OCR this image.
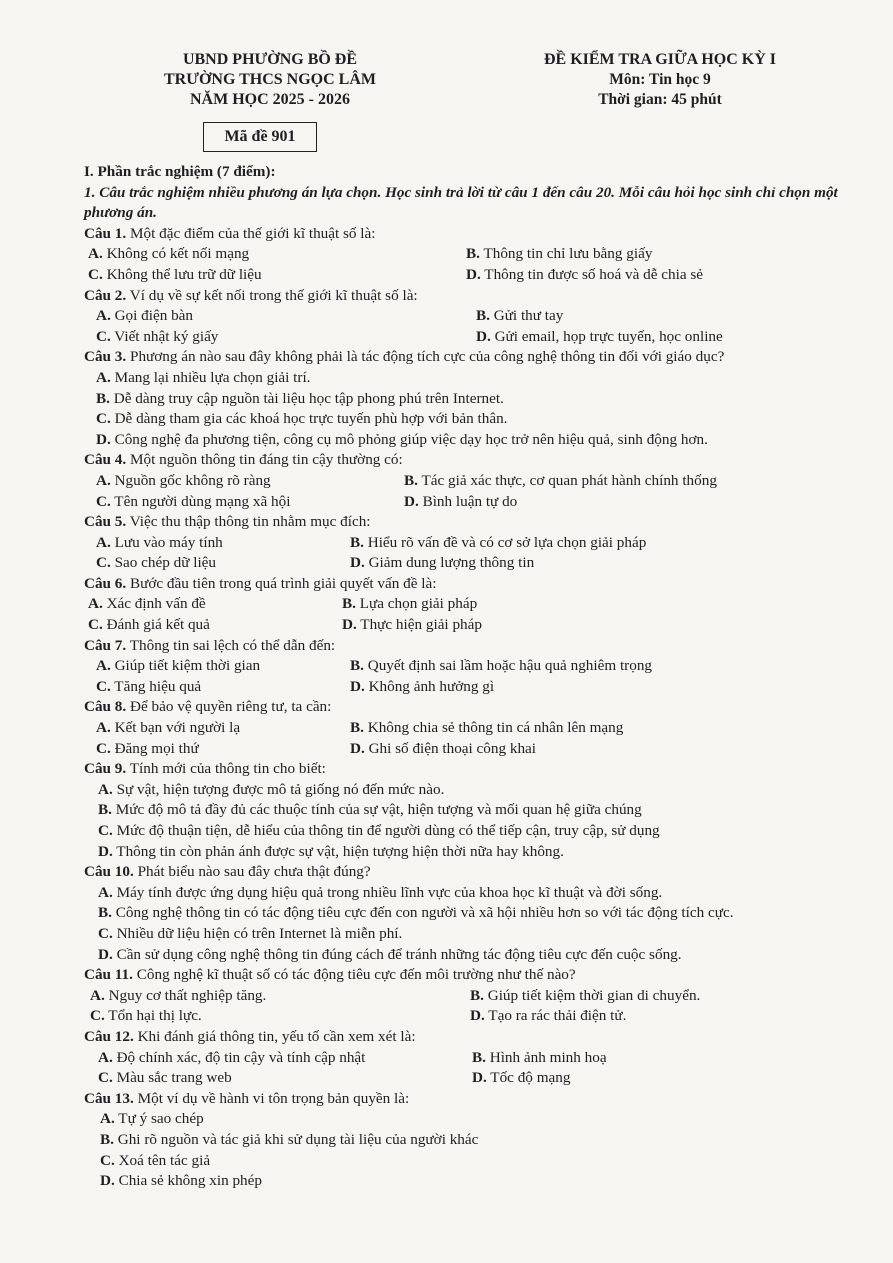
UBND PHƯỜNG BỒ ĐỀ
TRƯỜNG THCS NGỌC LÂM
NĂM HỌC 2025 - 2026
ĐỀ KIỂM TRA GIỮA HỌC KỲ I
Môn: Tin học 9
Thời gian: 45 phút
Mã đề 901
I. Phần trắc nghiệm (7 điểm):
1. Câu trắc nghiệm nhiều phương án lựa chọn. Học sinh trả lời từ câu 1 đến câu 20. Mỗi câu hỏi học sinh chỉ chọn một phương án.
Câu 1. Một đặc điểm của thế giới kĩ thuật số là:
A. Không có kết nối mạng	B. Thông tin chỉ lưu bằng giấy
C. Không thể lưu trữ dữ liệu	D. Thông tin được số hoá và dễ chia sẻ
Câu 2. Ví dụ về sự kết nối trong thế giới kĩ thuật số là:
A. Gọi điện bàn	B. Gửi thư tay
C. Viết nhật ký giấy	D. Gửi email, họp trực tuyến, học online
Câu 3. Phương án nào sau đây không phải là tác động tích cực của công nghệ thông tin đối với giáo dục?
A. Mang lại nhiều lựa chọn giải trí.
B. Dễ dàng truy cập nguồn tài liệu học tập phong phú trên Internet.
C. Dễ dàng tham gia các khoá học trực tuyến phù hợp với bản thân.
D. Công nghệ đa phương tiện, công cụ mô phỏng giúp việc dạy học trở nên hiệu quả, sinh động hơn.
Câu 4. Một nguồn thông tin đáng tin cậy thường có:
A. Nguồn gốc không rõ ràng	B. Tác giả xác thực, cơ quan phát hành chính thống
C. Tên người dùng mạng xã hội	D. Bình luận tự do
Câu 5. Việc thu thập thông tin nhằm mục đích:
A. Lưu vào máy tính	B. Hiểu rõ vấn đề và có cơ sở lựa chọn giải pháp
C. Sao chép dữ liệu	D. Giảm dung lượng thông tin
Câu 6. Bước đầu tiên trong quá trình giải quyết vấn đề là:
A. Xác định vấn đề	B. Lựa chọn giải pháp
C. Đánh giá kết quả	D. Thực hiện giải pháp
Câu 7. Thông tin sai lệch có thể dẫn đến:
A. Giúp tiết kiệm thời gian	B. Quyết định sai lầm hoặc hậu quả nghiêm trọng
C. Tăng hiệu quả	D. Không ảnh hưởng gì
Câu 8. Để bảo vệ quyền riêng tư, ta cần:
A. Kết bạn với người lạ	B. Không chia sẻ thông tin cá nhân lên mạng
C. Đăng mọi thứ	D. Ghi số điện thoại công khai
Câu 9. Tính mới của thông tin cho biết:
A. Sự vật, hiện tượng được mô tả giống nó đến mức nào.
B. Mức độ mô tả đầy đủ các thuộc tính của sự vật, hiện tượng và mối quan hệ giữa chúng
C. Mức độ thuận tiện, dễ hiểu của thông tin để người dùng có thể tiếp cận, truy cập, sử dụng
D. Thông tin còn phản ánh được sự vật, hiện tượng hiện thời nữa hay không.
Câu 10. Phát biểu nào sau đây chưa thật đúng?
A. Máy tính được ứng dụng hiệu quả trong nhiều lĩnh vực của khoa học kĩ thuật và đời sống.
B. Công nghệ thông tin có tác động tiêu cực đến con người và xã hội nhiều hơn so với tác động tích cực.
C. Nhiều dữ liệu hiện có trên Internet là miễn phí.
D. Cần sử dụng công nghệ thông tin đúng cách để tránh những tác động tiêu cực đến cuộc sống.
Câu 11. Công nghệ kĩ thuật số có tác động tiêu cực đến môi trường như thế nào?
A. Nguy cơ thất nghiệp tăng.	B. Giúp tiết kiệm thời gian di chuyển.
C. Tổn hại thị lực.	D. Tạo ra rác thải điện tử.
Câu 12. Khi đánh giá thông tin, yếu tố cần xem xét là:
A. Độ chính xác, độ tin cậy và tính cập nhật	B. Hình ảnh minh hoạ
C. Màu sắc trang web	D. Tốc độ mạng
Câu 13. Một ví dụ về hành vi tôn trọng bản quyền là:
A. Tự ý sao chép
B. Ghi rõ nguồn và tác giả khi sử dụng tài liệu của người khác
C. Xoá tên tác giả
D. Chia sẻ không xin phép
